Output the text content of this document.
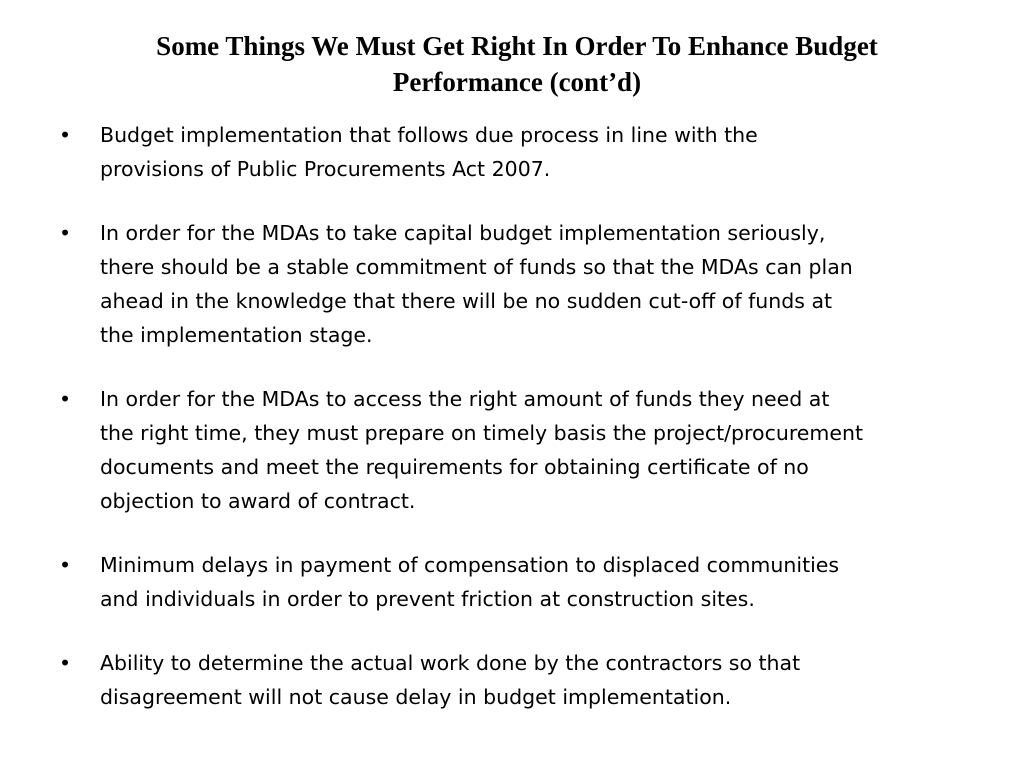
Some Things We Must Get Right In Order To Enhance Budget
Performance (cont’d)
•	Budget implementation that follows due process in line with the
provisions of Public Procurements Act 2007.
•	In order for the MDAs to take capital budget implementation seriously,
there should be a stable commitment of funds so that the MDAs can plan
ahead in the knowledge that there will be no sudden cut-off of funds at
the implementation stage.
•	In order for the MDAs to access the right amount of funds they need at
the right time, they must prepare on timely basis the project/procurement
documents and meet the requirements for obtaining certificate of no
objection to award of contract.
•	Minimum delays in payment of compensation to displaced communities
and individuals in order to prevent friction at construction sites.
•	Ability to determine the actual work done by the contractors so that
disagreement will not cause delay in budget implementation.
